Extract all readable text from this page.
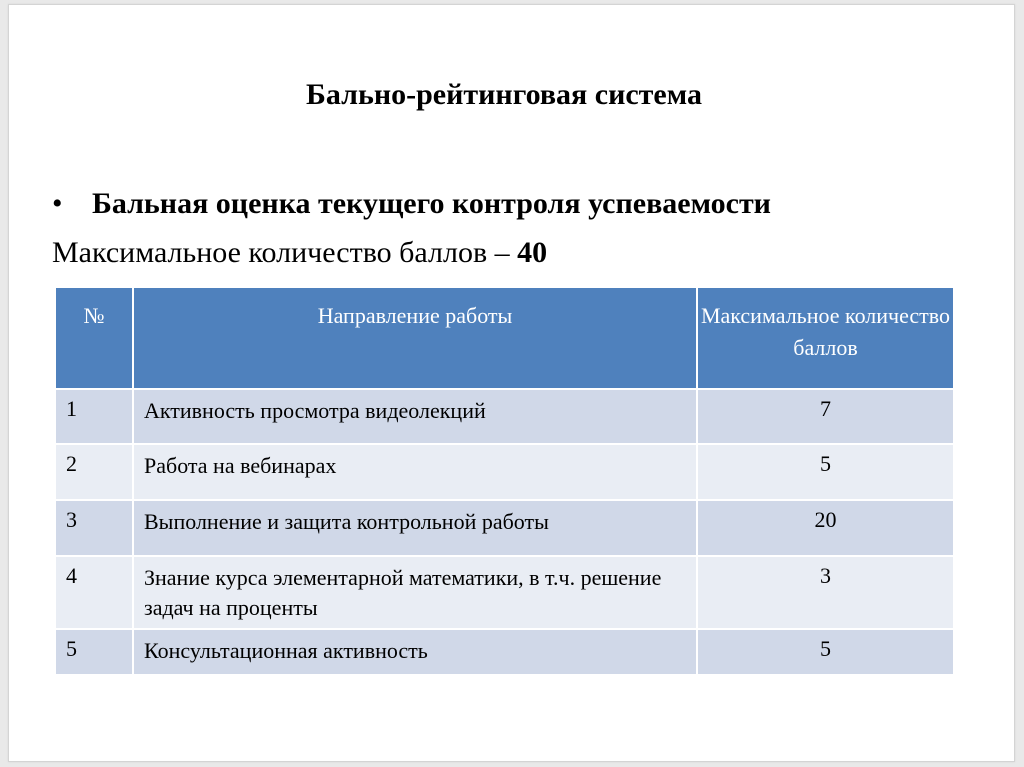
Бально-рейтинговая система
• Бальная оценка текущего контроля успеваемости
Максимальное количество баллов – 40
№	Направление работы	Максимальное количество баллов
1	Активность просмотра видеолекций	7
2	Работа на вебинарах	5
3	Выполнение и защита контрольной работы	20
4	Знание курса элементарной математики, в т.ч. решение задач на проценты	3
5	Консультационная активность	5
